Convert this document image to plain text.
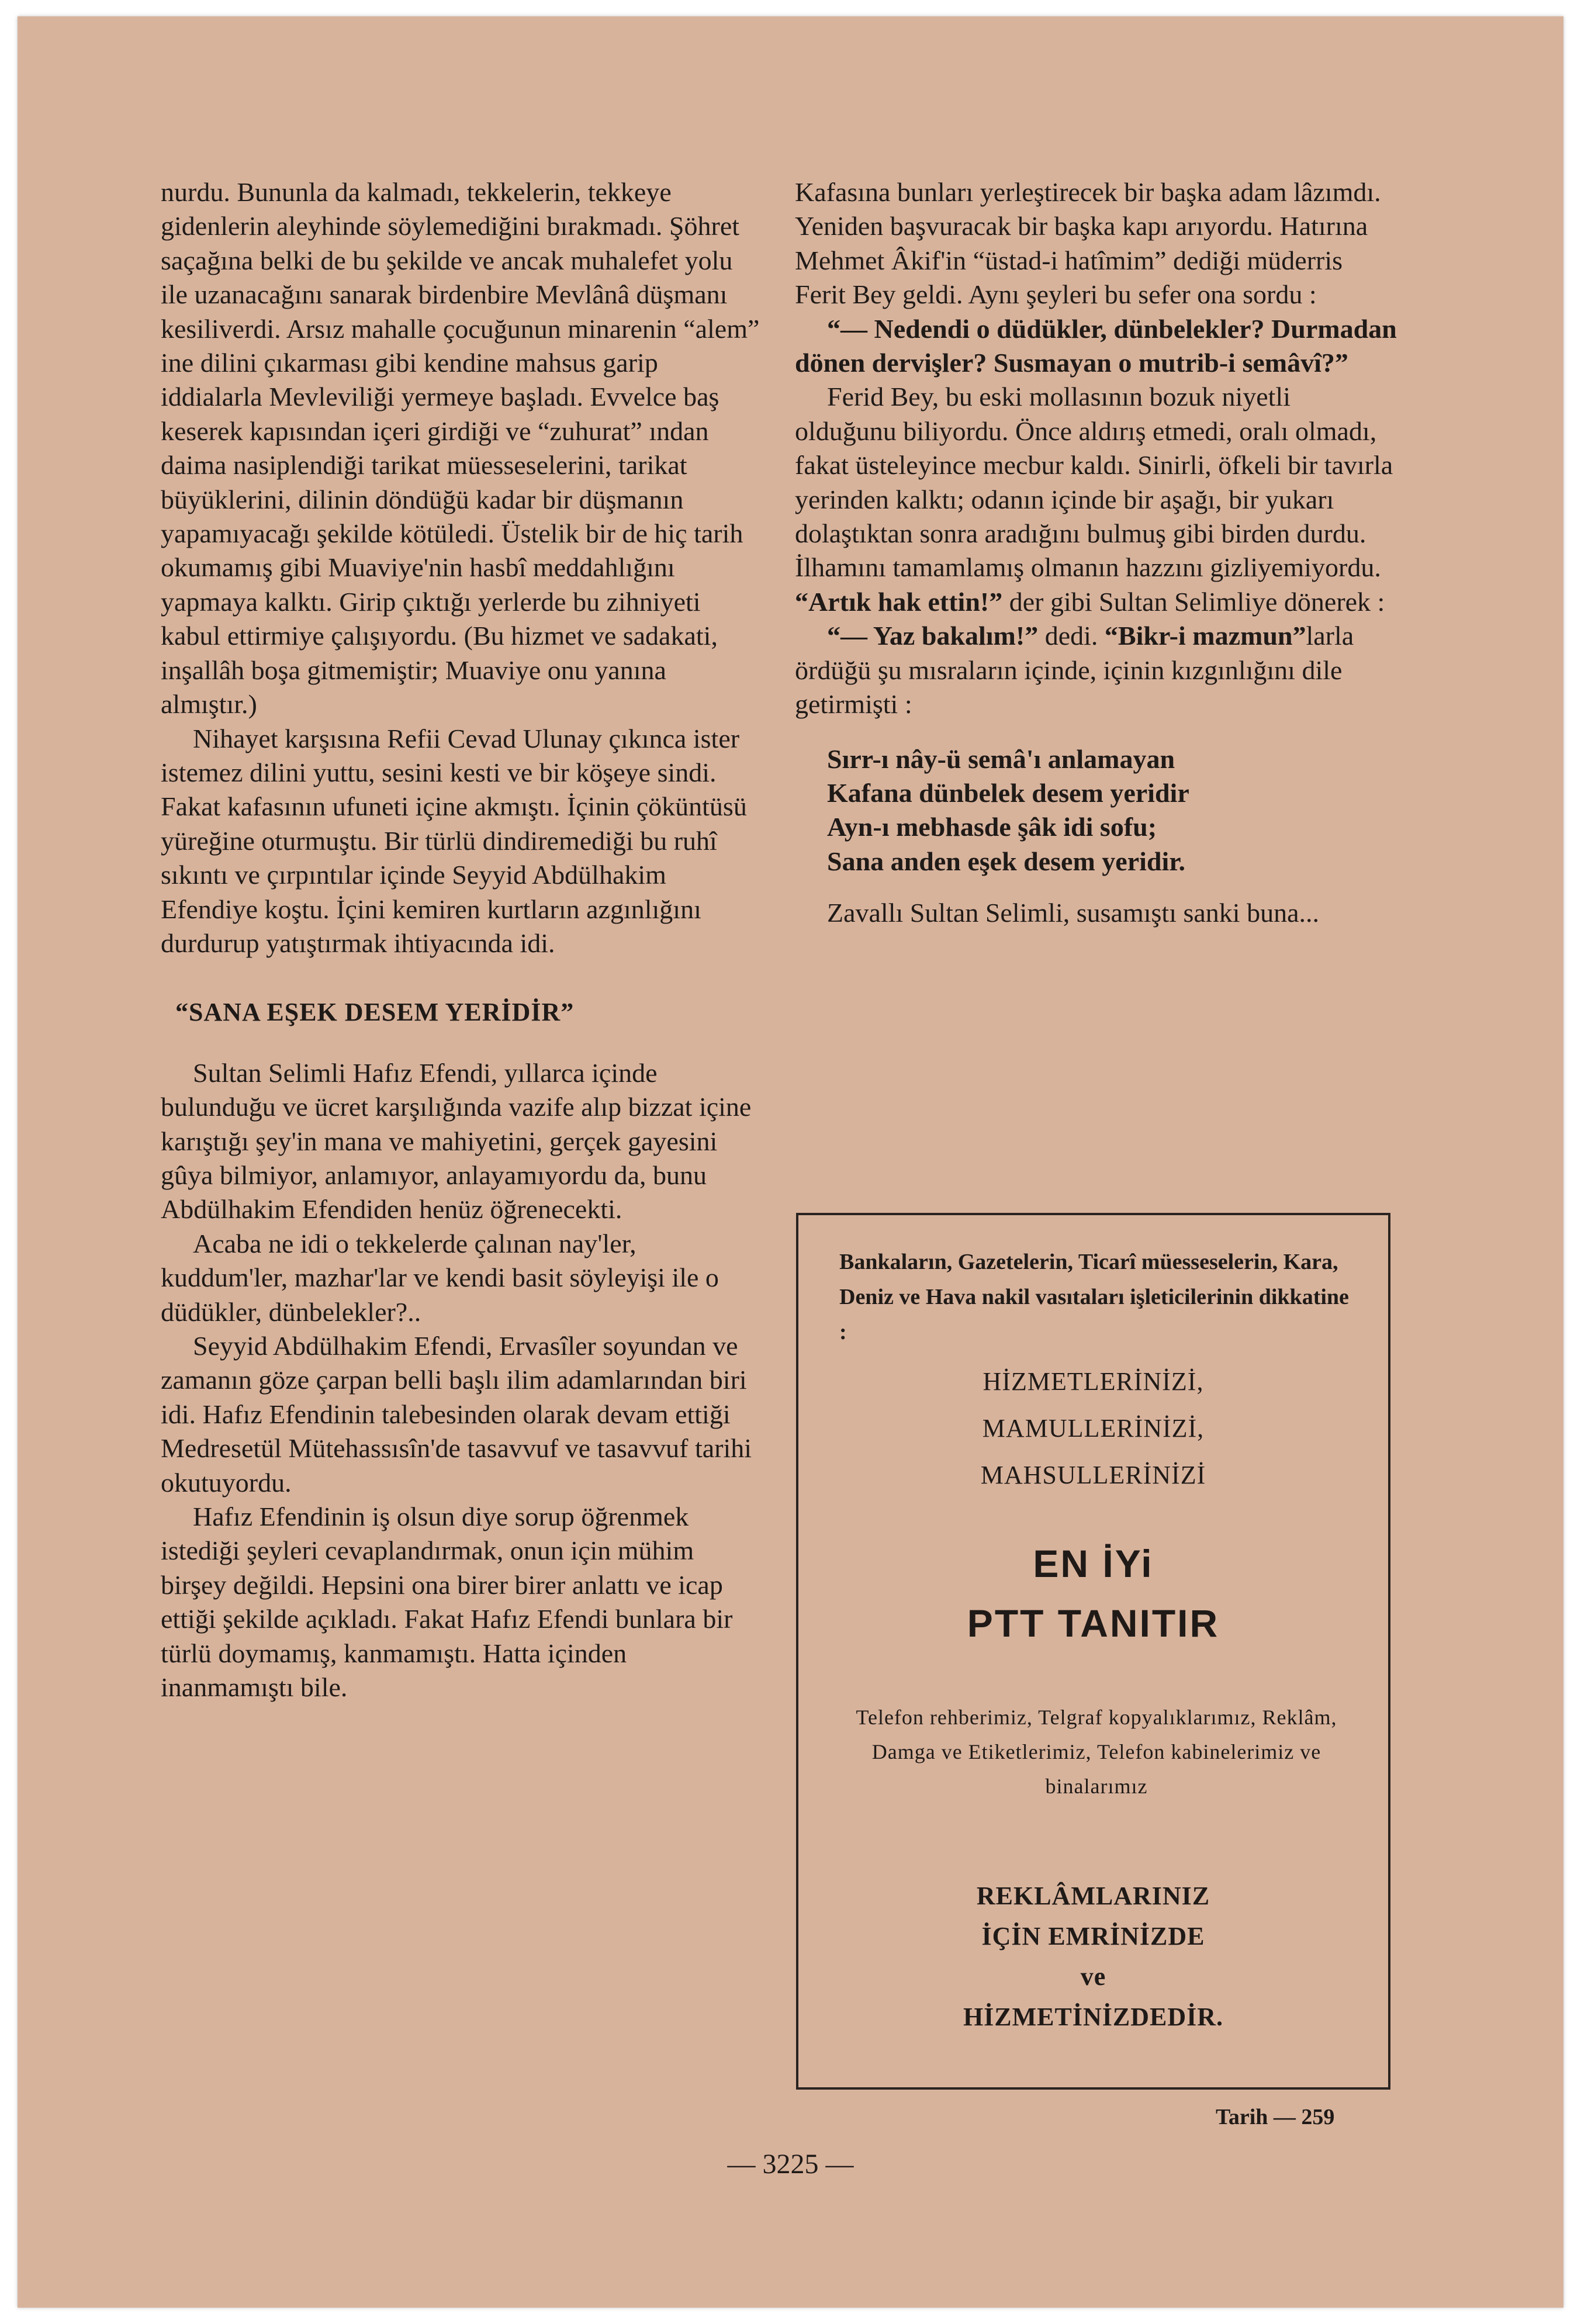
nurdu. Bununla da kalmadı, tekkelerin, tekkeye gidenlerin aleyhinde söylemediğini bırakmadı. Şöhret saçağına belki de bu şekilde ve ancak muhalefet yolu ile uzanacağını sanarak birdenbire Mevlânâ düşmanı kesiliverdi. Arsız mahalle çocuğunun minarenin “alem” ine dilini çıkarması gibi kendine mahsus garip iddialarla Mevleviliği yermeye başladı. Evvelce baş keserek kapısından içeri girdiği ve “zuhurat” ından daima nasiplendiği tarikat müesseselerini, tarikat büyüklerini, dilinin döndüğü kadar bir düşmanın yapamıyacağı şekilde kötüledi. Üstelik bir de hiç tarih okumamış gibi Muaviye'nin hasbî meddahlığını yapmaya kalktı. Girip çıktığı yerlerde bu zihniyeti kabul ettirmiye çalışıyordu. (Bu hizmet ve sadakati, inşallâh boşa gitmemiştir; Muaviye onu yanına almıştır.)

Nihayet karşısına Refii Cevad Ulunay çıkınca ister istemez dilini yuttu, sesini kesti ve bir köşeye sindi. Fakat kafasının ufuneti içine akmıştı. İçinin çöküntüsü yüreğine oturmuştu. Bir türlü dindiremediği bu ruhî sıkıntı ve çırpıntılar içinde Seyyid Abdülhakim Efendiye koştu. İçini kemiren kurtların azgınlığını durdurup yatıştırmak ihtiyacında idi.

“SANA EŞEK DESEM YERİDİR”

Sultan Selimli Hafız Efendi, yıllarca içinde bulunduğu ve ücret karşılığında vazife alıp bizzat içine karıştığı şey'in mana ve mahiyetini, gerçek gayesini gûya bilmiyor, anlamıyor, anlayamıyordu da, bunu Abdülhakim Efendiden henüz öğrenecekti.

Acaba ne idi o tekkelerde çalınan nay'ler, kuddum'ler, mazhar'lar ve kendi basit söyleyişi ile o düdükler, dünbelekler?..

Seyyid Abdülhakim Efendi, Ervasîler soyundan ve zamanın göze çarpan belli başlı ilim adamlarından biri idi. Hafız Efendinin talebesinden olarak devam ettiği Medresetül Mütehassısîn'de tasavvuf ve tasavvuf tarihi okutuyordu.

Hafız Efendinin iş olsun diye sorup öğrenmek istediği şeyleri cevaplandırmak, onun için mühim birşey değildi. Hepsini ona birer birer anlattı ve icap ettiği şekilde açıkladı. Fakat Hafız Efendi bunlara bir türlü doymamış, kanmamıştı. Hatta içinden inanmamıştı bile.

Kafasına bunları yerleştirecek bir başka adam lâzımdı. Yeniden başvuracak bir başka kapı arıyordu. Hatırına Mehmet Âkif'in “üstad-i hatîmim” dediği müderris Ferit Bey geldi. Aynı şeyleri bu sefer ona sordu :

“— Nedendi o düdükler, dünbelekler? Durmadan dönen dervişler? Susmayan o mutrib-i semâvî?”

Ferid Bey, bu eski mollasının bozuk niyetli olduğunu biliyordu. Önce aldırış etmedi, oralı olmadı, fakat üsteleyince mecbur kaldı. Sinirli, öfkeli bir tavırla yerinden kalktı; odanın içinde bir aşağı, bir yukarı dolaştıktan sonra aradığını bulmuş gibi birden durdu. İlhamını tamamlamış olmanın hazzını gizliyemiyordu. “Artık hak ettin!” der gibi Sultan Selimliye dönerek :

“— Yaz bakalım!” dedi. “Bikr-i mazmun”larla ördüğü şu mısraların içinde, içinin kızgınlığını dile getirmişti :

Sırr-ı nây-ü semâ'ı anlamayan
Kafana dünbelek desem yeridir
Ayn-ı mebhasde şâk idi sofu;
Sana anden eşek desem yeridir.

Zavallı Sultan Selimli, susamıştı sanki buna...

Bankaların, Gazetelerin, Ticarî müessеselerin, Kara, Deniz ve Hava nakil vasıtaları işleticilerinin dikkatine :
HİZMETLERİNİZİ,
MAMULLERİNİZİ,
MAHSULLERİNİZİ
EN İYi
PTT TANITIR
Telefon rehberimiz, Telgraf kopyalıklarımız, Reklâm, Damga ve Etiketlerimiz, Telefon kabinelerimiz ve binalarımız
REKLÂMLARINIZ
İÇİN EMRİNİZDE
ve
HİZMETİNİZDEDİR.
Tarih — 259
— 3225 —
